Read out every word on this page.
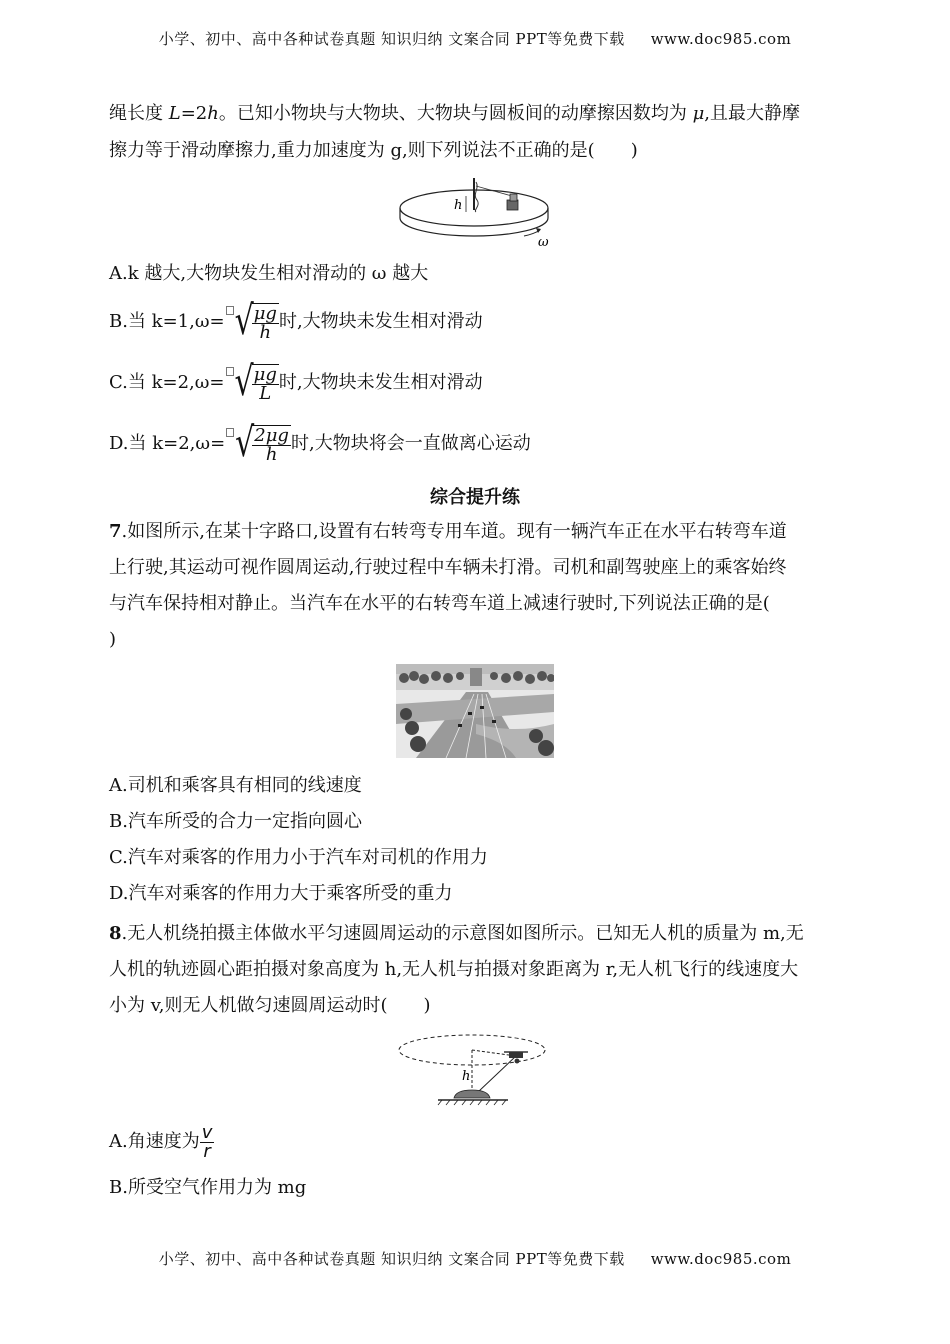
小学、初中、高中各种试卷真题 知识归纳 文案合同 PPT等免费下载 www.doc985.com
绳长度 L=2h。已知小物块与大物块、大物块与圆板间的动摩擦因数均为 μ,且最大静摩
擦力等于滑动摩擦力,重力加速度为 g,则下列说法不正确的是(　　)
h
ω
A.k 越大,大物块发生相对滑动的 ω 越大
B.当 k=1,ω= √
$\frac{\mu g}{h}$ 时,大物块未发生相对滑动
C.当 k=2,ω= √
$\frac{\mu g}{L}$ 时,大物块未发生相对滑动
D.当 k=2,ω= √
$\frac{2\mu g}{h}$ 时,大物块将会一直做离心运动
综合提升练
7.如图所示,在某十字路口,设置有右转弯专用车道。现有一辆汽车正在水平右转弯车道
上行驶,其运动可视作圆周运动,行驶过程中车辆未打滑。司机和副驾驶座上的乘客始终
与汽车保持相对静止。当汽车在水平的右转弯车道上减速行驶时,下列说法正确的是(
)
A.司机和乘客具有相同的线速度
B.汽车所受的合力一定指向圆心
C.汽车对乘客的作用力小于汽车对司机的作用力
D.汽车对乘客的作用力大于乘客所受的重力
8.无人机绕拍摄主体做水平匀速圆周运动的示意图如图所示。已知无人机的质量为 m,无
人机的轨迹圆心距拍摄对象高度为 h,无人机与拍摄对象距离为 r,无人机飞行的线速度大
小为 v,则无人机做匀速圆周运动时(　　)
h
A.角速度为 $\frac{v}{r}$
B.所受空气作用力为 mg
小学、初中、高中各种试卷真题 知识归纳 文案合同 PPT等免费下载 www.doc985.com
